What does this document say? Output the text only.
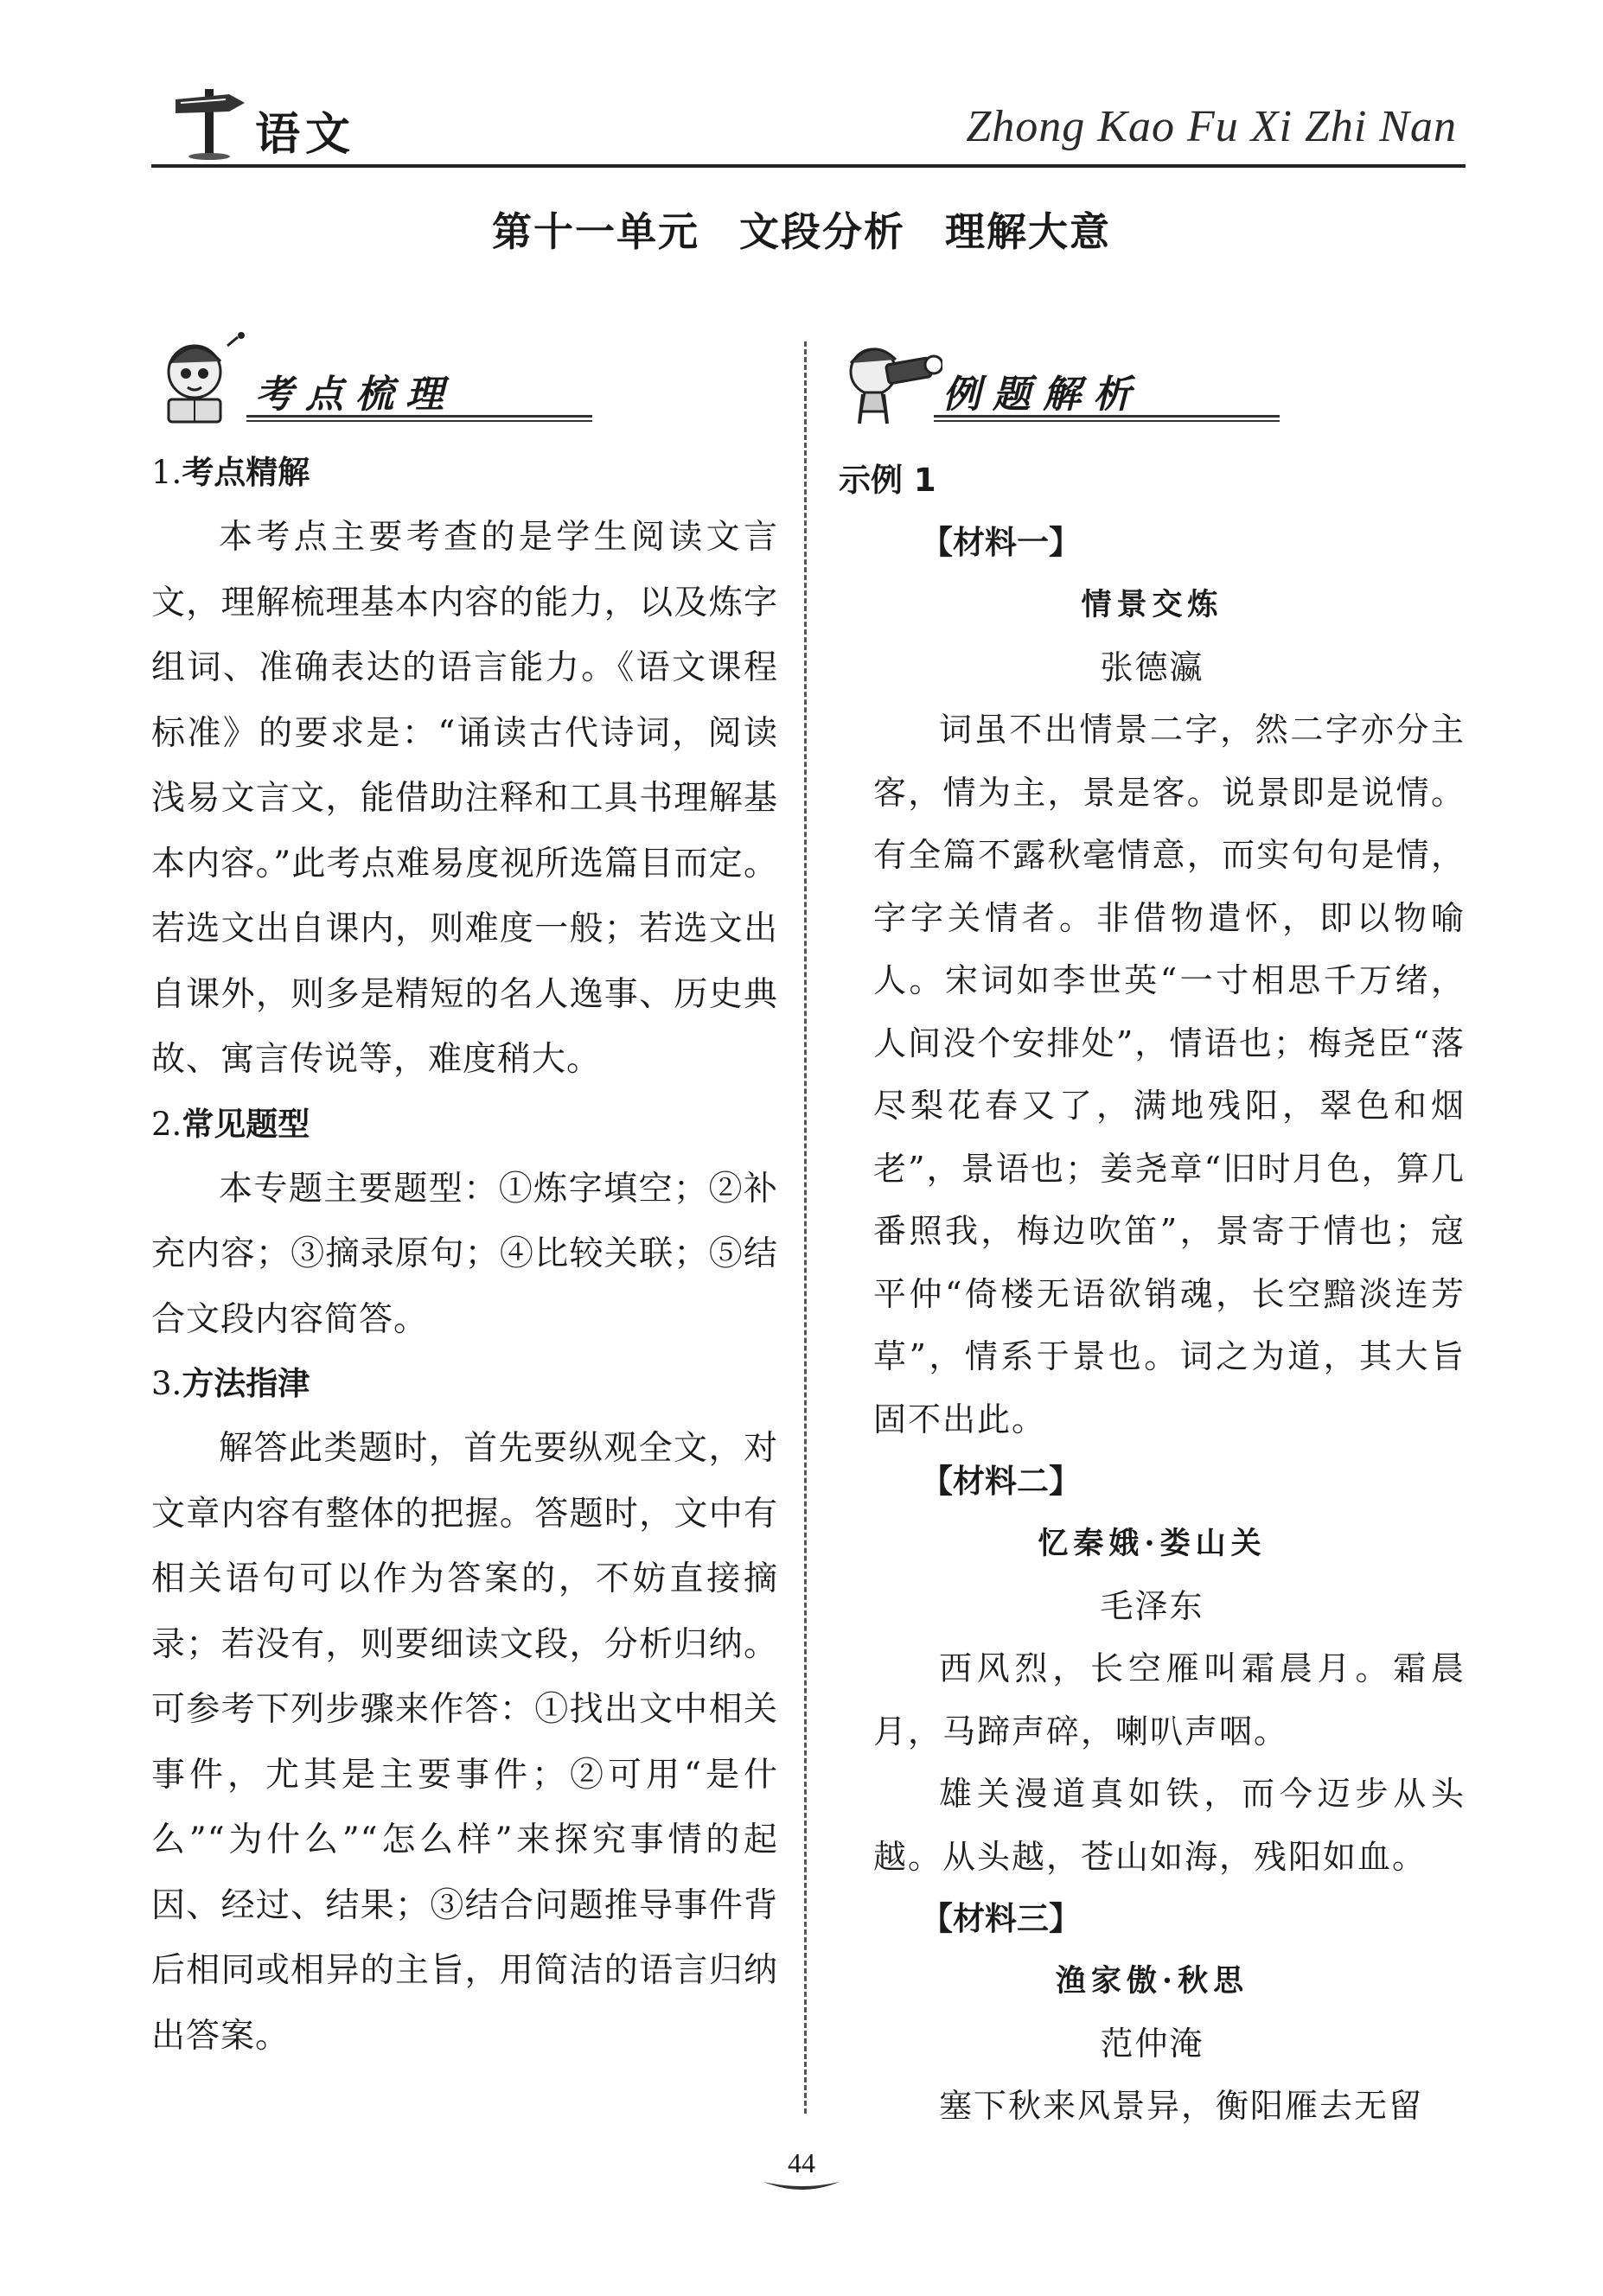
语文	Zhong Kao Fu Xi Zhi Nan
第十一单元 文段分析 理解大意
考点梳理
1.考点精解

本考点主要考查的是学生阅读文言文，理解梳理基本内容的能力，以及炼字组词、准确表达的语言能力。《语文课程标准》的要求是：“诵读古代诗词，阅读浅易文言文，能借助注释和工具书理解基本内容。”此考点难易度视所选篇目而定。若选文出自课内，则难度一般；若选文出自课外，则多是精短的名人逸事、历史典故、寓言传说等，难度稍大。

2.常见题型

本专题主要题型：①炼字填空；②补充内容；③摘录原句；④比较关联；⑤结合文段内容简答。

3.方法指津

解答此类题时，首先要纵观全文，对文章内容有整体的把握。答题时，文中有相关语句可以作为答案的，不妨直接摘录；若没有，则要细读文段，分析归纳。可参考下列步骤来作答：①找出文中相关事件，尤其是主要事件；②可用“是什么”“为什么”“怎么样”来探究事情的起因、经过、结果；③结合问题推导事件背后相同或相异的主旨，用简洁的语言归纳出答案。

例题解析
示例 1
【材料一】
情景交炼
张德瀛

词虽不出情景二字，然二字亦分主客，情为主，景是客。说景即是说情。有全篇不露秋毫情意，而实句句是情，字字关情者。非借物遣怀，即以物喻人。宋词如李世英“一寸相思千万绪，人间没个安排处”，情语也；梅尧臣“落尽梨花春又了，满地残阳，翠色和烟老”，景语也；姜尧章“旧时月色，算几番照我，梅边吹笛”，景寄于情也；寇平仲“倚楼无语欲销魂，长空黯淡连芳草”，情系于景也。词之为道，其大旨固不出此。

【材料二】
忆秦娥·娄山关
毛泽东

西风烈，长空雁叫霜晨月。霜晨月，马蹄声碎，喇叭声咽。

雄关漫道真如铁，而今迈步从头越。从头越，苍山如海，残阳如血。

【材料三】
渔家傲·秋思
范仲淹

塞下秋来风景异，衡阳雁去无留

44
